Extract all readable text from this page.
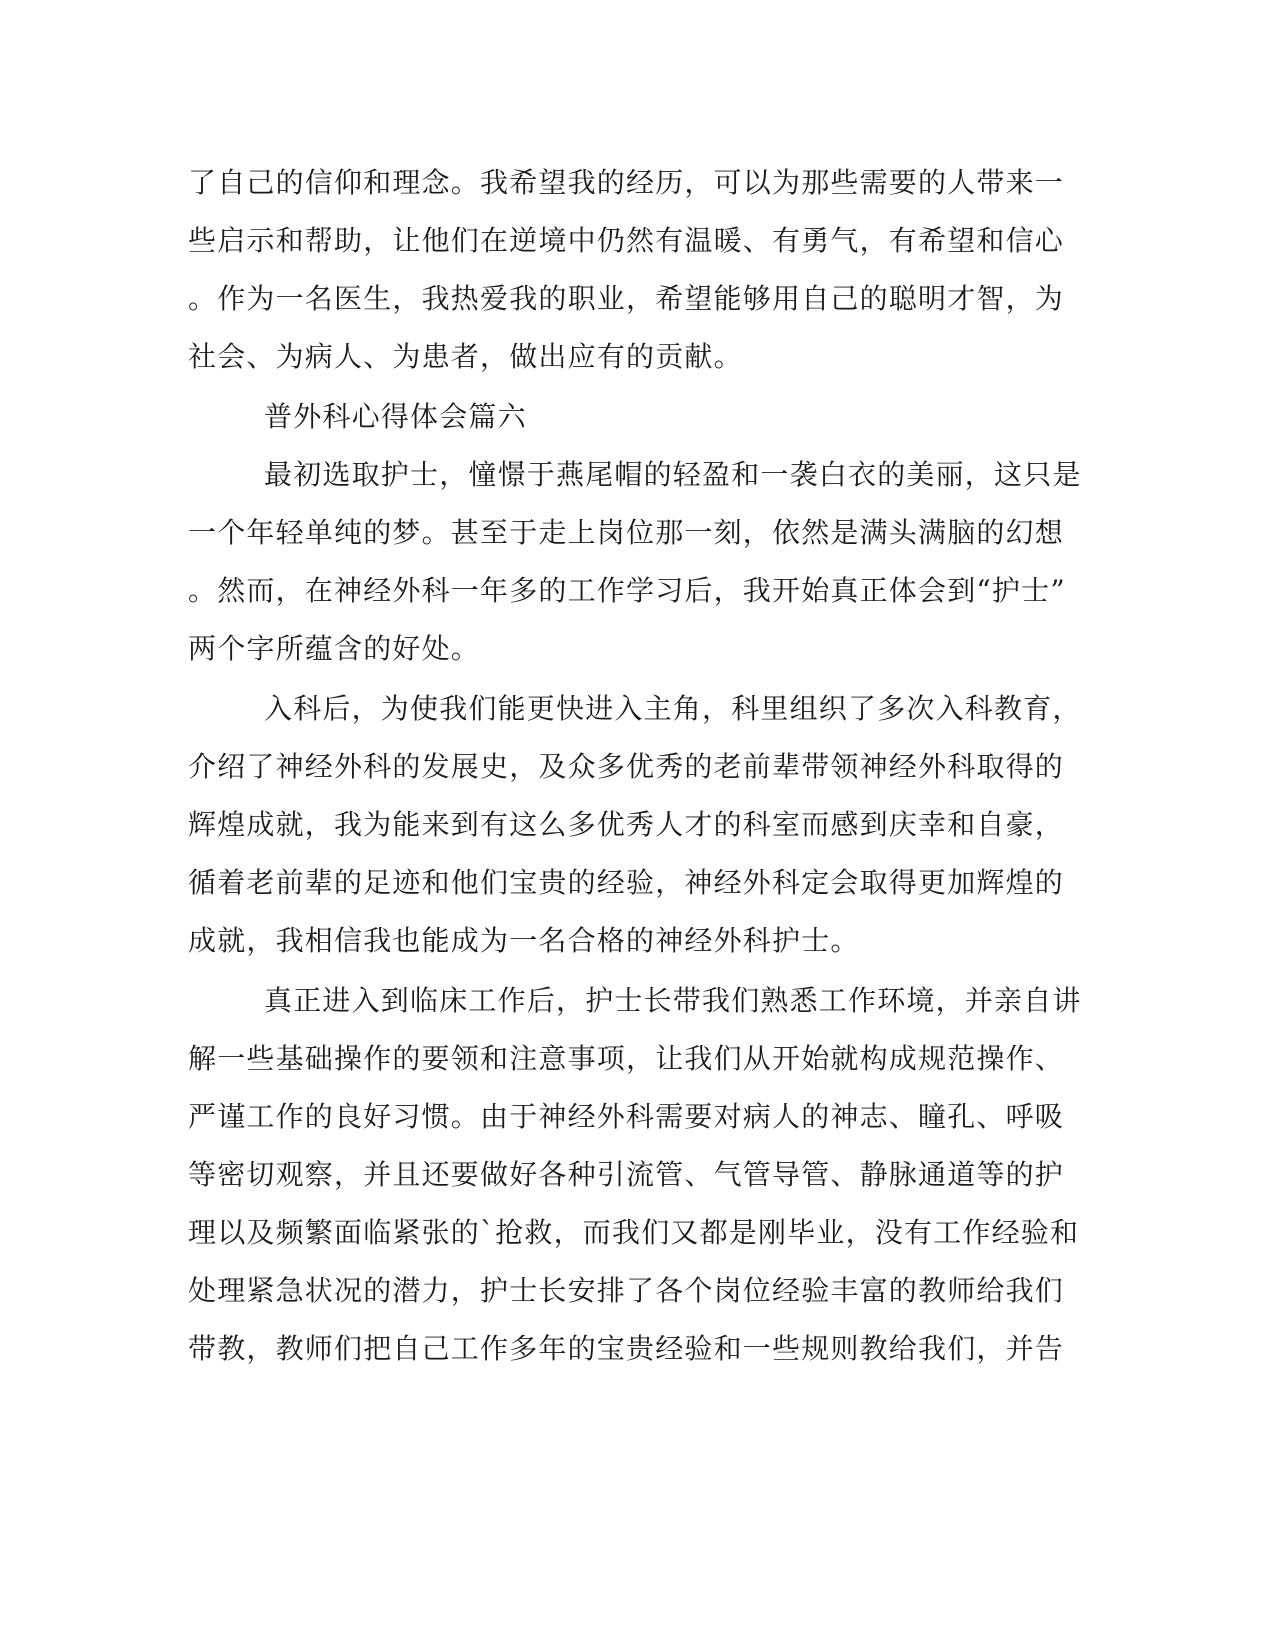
了自己的信仰和理念。我希望我的经历，可以为那些需要的人带来一
些启示和帮助，让他们在逆境中仍然有温暖、有勇气，有希望和信心
。作为一名医生，我热爱我的职业，希望能够用自己的聪明才智，为
社会、为病人、为患者，做出应有的贡献。
普外科心得体会篇六
最初选取护士，憧憬于燕尾帽的轻盈和一袭白衣的美丽，这只是
一个年轻单纯的梦。甚至于走上岗位那一刻，依然是满头满脑的幻想
。然而，在神经外科一年多的工作学习后，我开始真正体会到“护士”
两个字所蕴含的好处。
入科后，为使我们能更快进入主角，科里组织了多次入科教育，
介绍了神经外科的发展史，及众多优秀的老前辈带领神经外科取得的
辉煌成就，我为能来到有这么多优秀人才的科室而感到庆幸和自豪，
循着老前辈的足迹和他们宝贵的经验，神经外科定会取得更加辉煌的
成就，我相信我也能成为一名合格的神经外科护士。
真正进入到临床工作后，护士长带我们熟悉工作环境，并亲自讲
解一些基础操作的要领和注意事项，让我们从开始就构成规范操作、
严谨工作的良好习惯。由于神经外科需要对病人的神志、瞳孔、呼吸
等密切观察，并且还要做好各种引流管、气管导管、静脉通道等的护
理以及频繁面临紧张的`抢救，而我们又都是刚毕业，没有工作经验和
处理紧急状况的潜力，护士长安排了各个岗位经验丰富的教师给我们
带教，教师们把自己工作多年的宝贵经验和一些规则教给我们，并告
